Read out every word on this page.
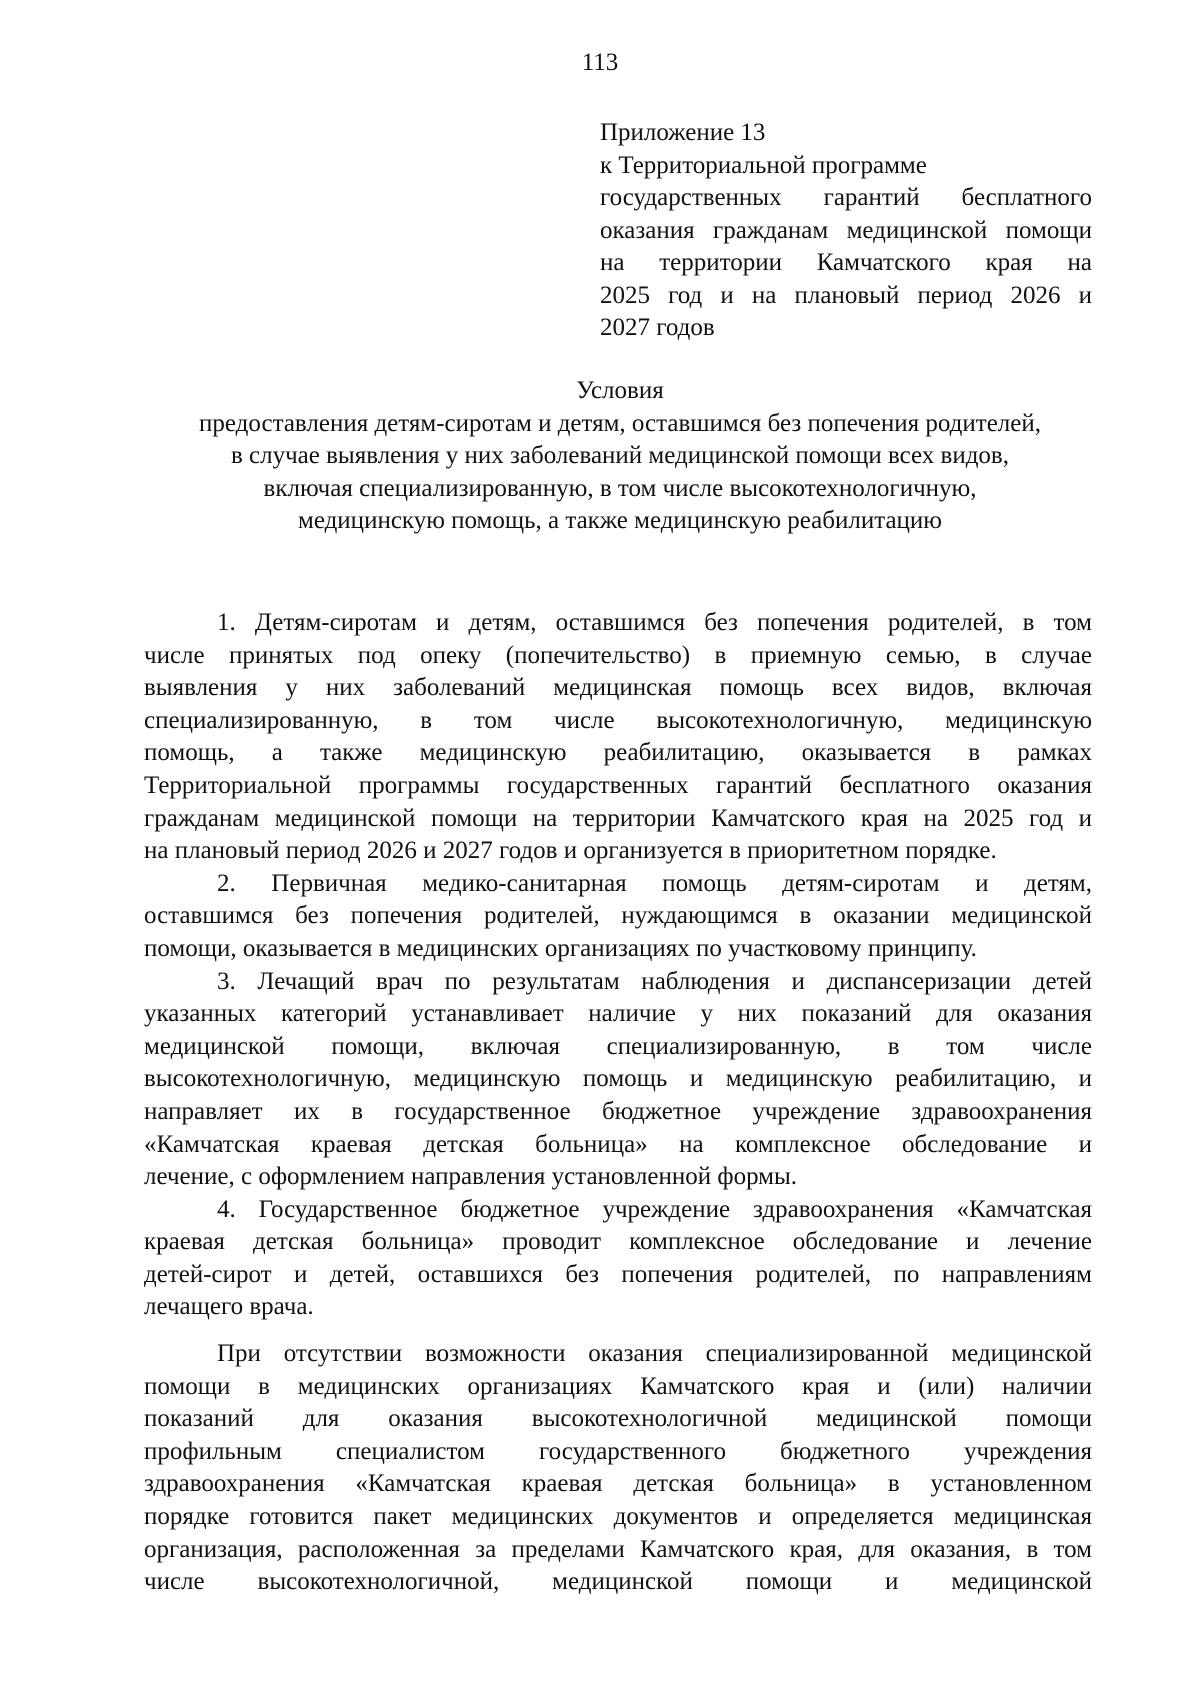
113
Приложение 13
к Территориальной программе
государственных гарантий бесплатного
оказания гражданам медицинской помощи
на территории Камчатского края на
2025 год и на плановый период 2026 и
2027 годов
Условия
предоставления детям-сиротам и детям, оставшимся без попечения родителей,
в случае выявления у них заболеваний медицинской помощи всех видов,
включая специализированную, в том числе высокотехнологичную,
медицинскую помощь, а также медицинскую реабилитацию
1. Детям-сиротам и детям, оставшимся без попечения родителей, в том
числе принятых под опеку (попечительство) в приемную семью, в случае
выявления у них заболеваний медицинская помощь всех видов, включая
специализированную, в том числе высокотехнологичную, медицинскую
помощь, а также медицинскую реабилитацию, оказывается в рамках
Территориальной программы государственных гарантий бесплатного оказания
гражданам медицинской помощи на территории Камчатского края на 2025 год и
на плановый период 2026 и 2027 годов и организуется в приоритетном порядке.
2. Первичная медико-санитарная помощь детям-сиротам и детям,
оставшимся без попечения родителей, нуждающимся в оказании медицинской
помощи, оказывается в медицинских организациях по участковому принципу.
3. Лечащий врач по результатам наблюдения и диспансеризации детей
указанных категорий устанавливает наличие у них показаний для оказания
медицинской помощи, включая специализированную, в том числе
высокотехнологичную, медицинскую помощь и медицинскую реабилитацию, и
направляет их в государственное бюджетное учреждение здравоохранения
«Камчатская краевая детская больница» на комплексное обследование и
лечение, с оформлением направления установленной формы.
4. Государственное бюджетное учреждение здравоохранения «Камчатская
краевая детская больница» проводит комплексное обследование и лечение
детей-сирот и детей, оставшихся без попечения родителей, по направлениям
лечащего врача.
При отсутствии возможности оказания специализированной медицинской
помощи в медицинских организациях Камчатского края и (или) наличии
показаний для оказания высокотехнологичной медицинской помощи
профильным специалистом государственного бюджетного учреждения
здравоохранения «Камчатская краевая детская больница» в установленном
порядке готовится пакет медицинских документов и определяется медицинская
организация, расположенная за пределами Камчатского края, для оказания, в том
числе высокотехнологичной, медицинской помощи и медицинской
